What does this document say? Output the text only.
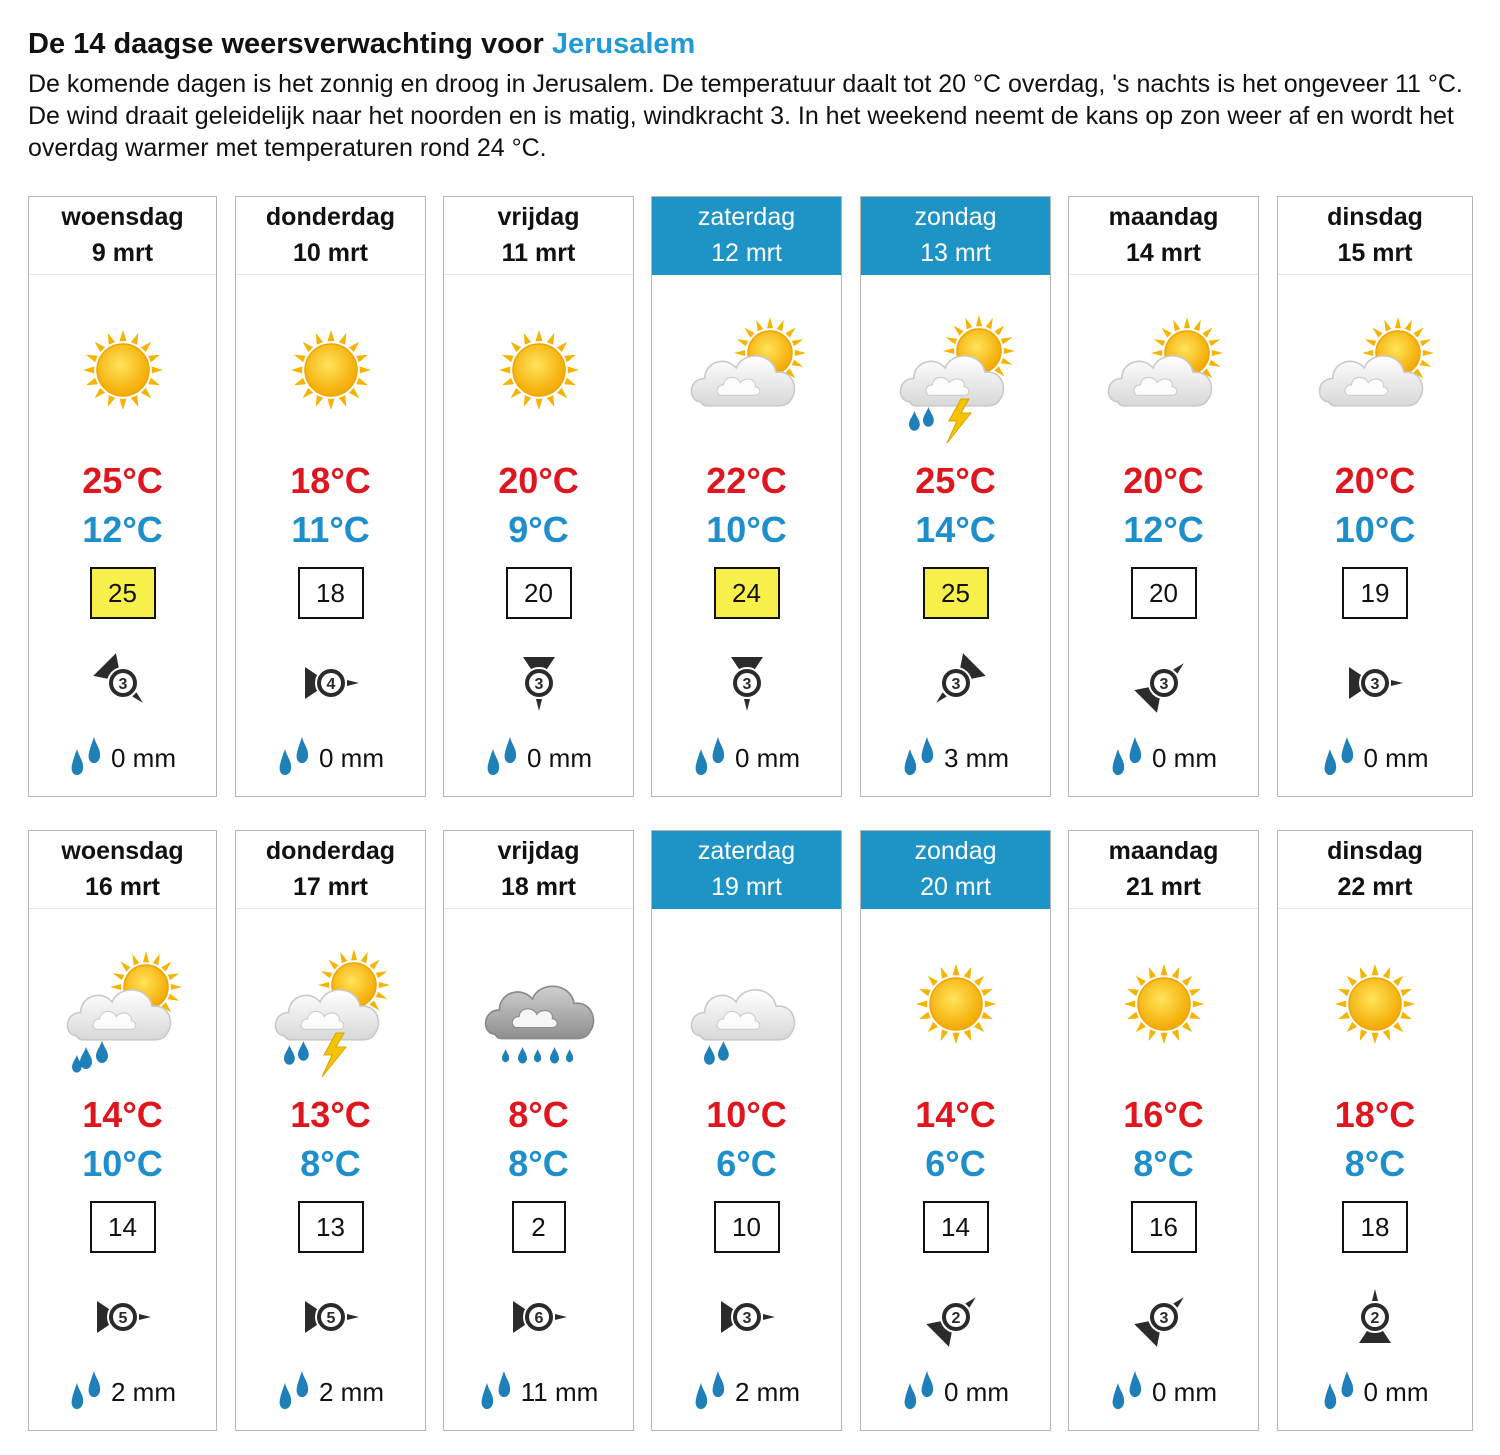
De 14 daagse weersverwachting voor Jerusalem

De komende dagen is het zonnig en droog in Jerusalem. De temperatuur daalt tot 20 °C overdag, 's nachts is het ongeveer 11 °C. De wind draait geleidelijk naar het noorden en is matig, windkracht 3. In het weekend neemt de kans op zon weer af en wordt het overdag warmer met temperaturen rond 24 °C.

woensdag
9 mrt
25°C
12°C
25
3
0 mm
donderdag
10 mrt
18°C
11°C
18
4
0 mm
vrijdag
11 mrt
20°C
9°C
20
3
0 mm
zaterdag
12 mrt
22°C
10°C
24
3
0 mm
zondag
13 mrt
25°C
14°C
25
3
3 mm
maandag
14 mrt
20°C
12°C
20
3
0 mm
dinsdag
15 mrt
20°C
10°C
19
3
0 mm
woensdag
16 mrt
14°C
10°C
14
5
2 mm
donderdag
17 mrt
13°C
8°C
13
5
2 mm
vrijdag
18 mrt
8°C
8°C
2
6
11 mm
zaterdag
19 mrt
10°C
6°C
10
3
2 mm
zondag
20 mrt
14°C
6°C
14
2
0 mm
maandag
21 mrt
16°C
8°C
16
3
0 mm
dinsdag
22 mrt
18°C
8°C
18
2
0 mm
